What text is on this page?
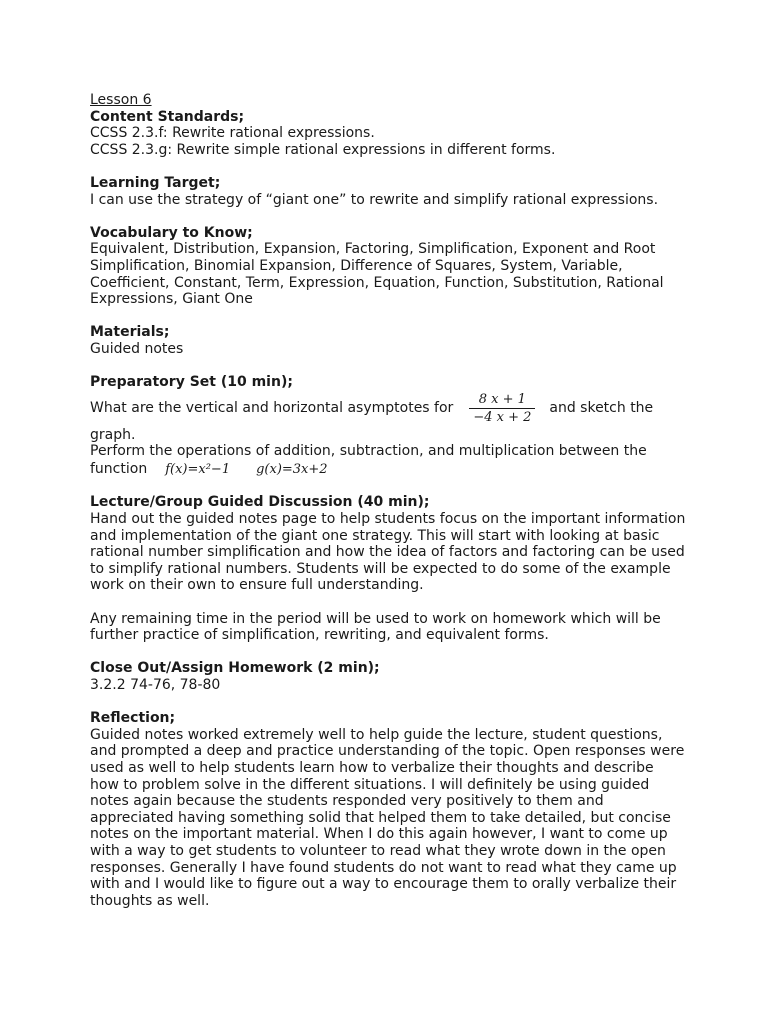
Lesson 6
Content Standards;
CCSS 2.3.f: Rewrite rational expressions.
CCSS 2.3.g: Rewrite simple rational expressions in different forms.
Learning Target;
I can use the strategy of “giant one” to rewrite and simplify rational expressions.
Vocabulary to Know;
Equivalent, Distribution, Expansion, Factoring, Simplification, Exponent and Root
Simplification, Binomial Expansion, Difference of Squares, System, Variable,
Coefficient, Constant, Term, Expression, Equation, Function, Substitution, Rational
Expressions, Giant One
Materials;
Guided notes
Preparatory Set (10 min);
What are the vertical and horizontal asymptotes for $\frac{8 x + 1}{-4 x + 2}$ and sketch the
graph.
Perform the operations of addition, subtraction, and multiplication between the
function f(x)=x²−1 g(x)=3x+2
Lecture/Group Guided Discussion (40 min);
Hand out the guided notes page to help students focus on the important information
and implementation of the giant one strategy. This will start with looking at basic
rational number simplification and how the idea of factors and factoring can be used
to simplify rational numbers. Students will be expected to do some of the example
work on their own to ensure full understanding.
Any remaining time in the period will be used to work on homework which will be
further practice of simplification, rewriting, and equivalent forms.
Close Out/Assign Homework (2 min);
3.2.2 74-76, 78-80
Reflection;
Guided notes worked extremely well to help guide the lecture, student questions,
and prompted a deep and practice understanding of the topic. Open responses were
used as well to help students learn how to verbalize their thoughts and describe
how to problem solve in the different situations. I will definitely be using guided
notes again because the students responded very positively to them and
appreciated having something solid that helped them to take detailed, but concise
notes on the important material. When I do this again however, I want to come up
with a way to get students to volunteer to read what they wrote down in the open
responses. Generally I have found students do not want to read what they came up
with and I would like to figure out a way to encourage them to orally verbalize their
thoughts as well.
